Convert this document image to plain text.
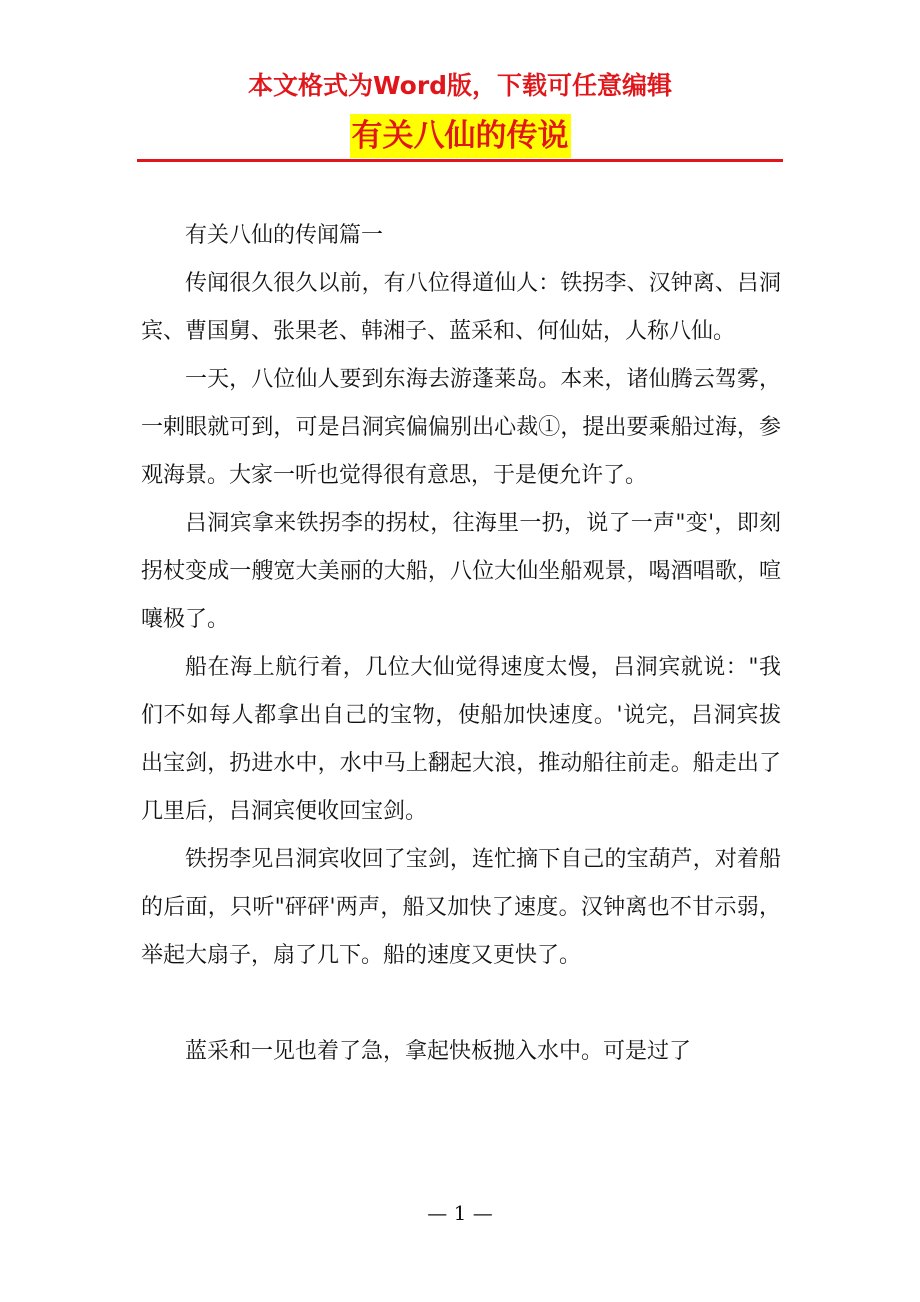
本文格式为Word版，下载可任意编辑
有关八仙的传说

有关八仙的传闻篇一

传闻很久很久以前，有八位得道仙人：铁拐李、汉钟离、吕洞宾、曹国舅、张果老、韩湘子、蓝采和、何仙姑，人称八仙。

一天，八位仙人要到东海去游蓬莱岛。本来，诸仙腾云驾雾，一剌眼就可到，可是吕洞宾偏偏别出心裁①，提出要乘船过海，参观海景。大家一听也觉得很有意思，于是便允许了。

吕洞宾拿来铁拐李的拐杖，往海里一扔，说了一声"变'，即刻拐杖变成一艘宽大美丽的大船，八位大仙坐船观景，喝酒唱歌，喧嚷极了。

船在海上航行着，几位大仙觉得速度太慢，吕洞宾就说："我们不如每人都拿出自己的宝物，使船加快速度。'说完，吕洞宾拔出宝剑，扔进水中，水中马上翻起大浪，推动船往前走。船走出了几里后，吕洞宾便收回宝剑。

铁拐李见吕洞宾收回了宝剑，连忙摘下自己的宝葫芦，对着船的后面，只听"砰砰'两声，船又加快了速度。汉钟离也不甘示弱，举起大扇子，扇了几下。船的速度又更快了。

蓝采和一见也着了急，拿起快板抛入水中。可是过了

— 1 —
